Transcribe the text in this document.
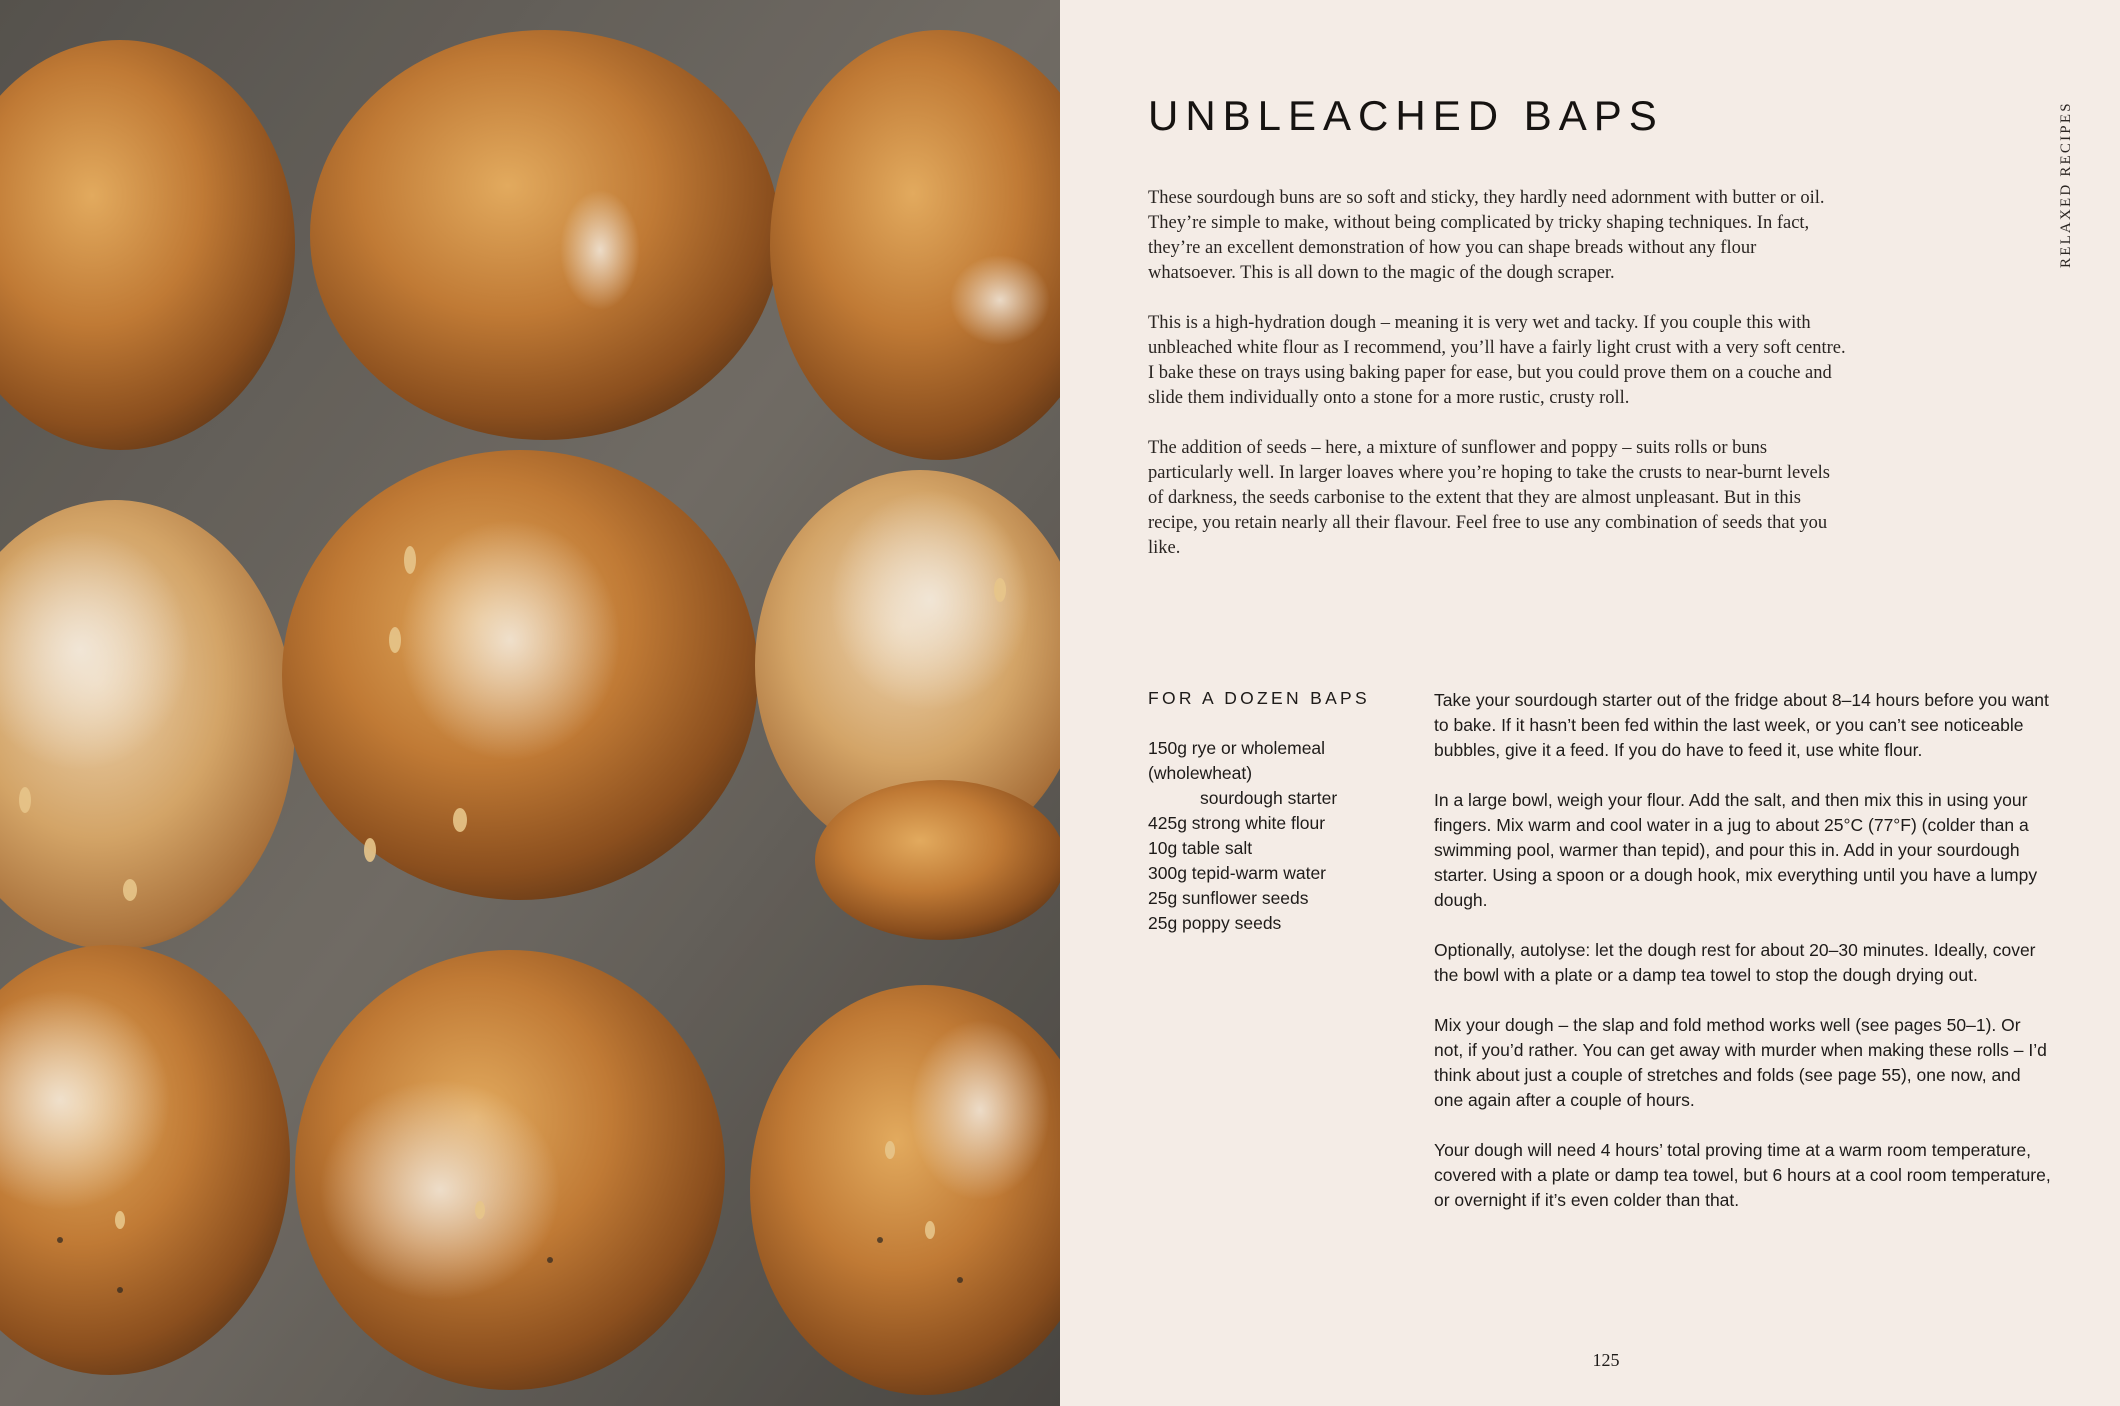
UNBLEACHED BAPS	RELAXED RECIPES

These sourdough buns are so soft and sticky, they hardly need adornment with butter or oil. They’re simple to make, without being complicated by tricky shaping techniques. In fact, they’re an excellent demonstration of how you can shape breads without any flour whatsoever. This is all down to the magic of the dough scraper.

This is a high-hydration dough – meaning it is very wet and tacky. If you couple this with unbleached white flour as I recommend, you’ll have a fairly light crust with a very soft centre. I bake these on trays using baking paper for ease, but you could prove them on a couche and slide them individually onto a stone for a more rustic, crusty roll.

The addition of seeds – here, a mixture of sunflower and poppy – suits rolls or buns particularly well. In larger loaves where you’re hoping to take the crusts to near-burnt levels of darkness, the seeds carbonise to the extent that they are almost unpleasant. But in this recipe, you retain nearly all their flavour. Feel free to use any combination of seeds that you like.

FOR A DOZEN BAPS
150g rye or wholemeal
(wholewheat)
sourdough starter
425g strong white flour
10g table salt
300g tepid-warm water
25g sunflower seeds
25g poppy seeds

Take your sourdough starter out of the fridge about 8–14 hours before you want to bake. If it hasn’t been fed within the last week, or you can’t see noticeable bubbles, give it a feed. If you do have to feed it, use white flour.

In a large bowl, weigh your flour. Add the salt, and then mix this in using your fingers. Mix warm and cool water in a jug to about 25°C (77°F) (colder than a swimming pool, warmer than tepid), and pour this in. Add in your sourdough starter. Using a spoon or a dough hook, mix everything until you have a lumpy dough.

Optionally, autolyse: let the dough rest for about 20–30 minutes. Ideally, cover the bowl with a plate or a damp tea towel to stop the dough drying out.

Mix your dough – the slap and fold method works well (see pages 50–1). Or not, if you’d rather. You can get away with murder when making these rolls – I’d think about just a couple of stretches and folds (see page 55), one now, and one again after a couple of hours.

Your dough will need 4 hours’ total proving time at a warm room temperature, covered with a plate or damp tea towel, but 6 hours at a cool room temperature, or overnight if it’s even colder than that.

125
